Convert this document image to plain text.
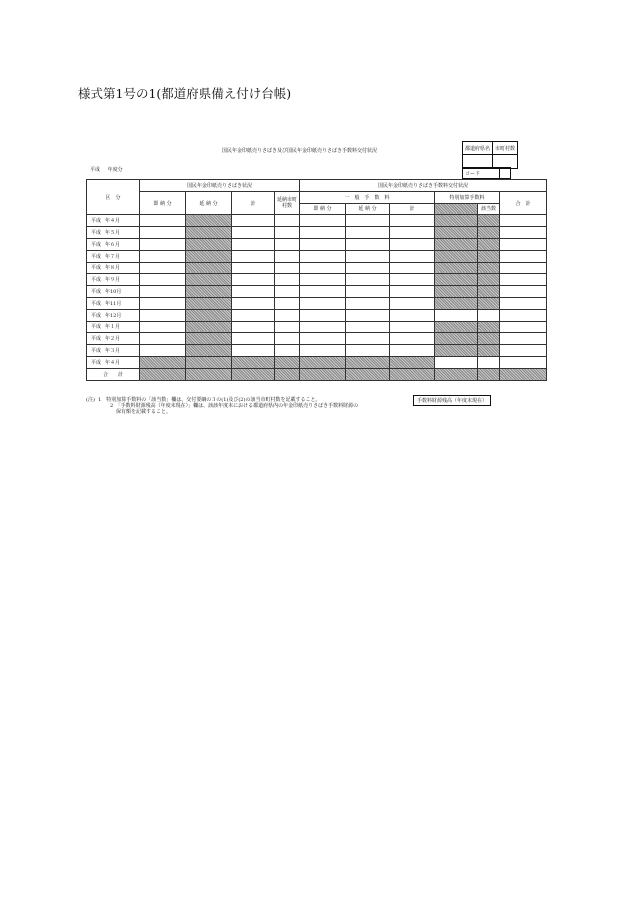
様式第1号の1(都道府県備え付け台帳)
国民年金印紙売りさばき及び国民年金印紙売りさばき手数料交付状況	都道府県名	市町村数

コード	
平成 年度分
区　分	国民年金印紙売りさばき状況				国民年金印紙売りさばき手数料交付状況					
	即 納 分	延 納 分	計	延納市町村数	一　般　手　数　料			特別加算手数料		合　計
					即 納 分	延 納 分	計		該当数	
平成 年４月										
平成 年５月										
平成 年６月										
平成 年７月										
平成 年８月										
平成 年９月										
平成 年10月										
平成 年11月										
平成 年12月										
平成 年１月										
平成 年２月										
平成 年３月										
平成 年４月										
合　　計										
(注) 1　特別加算手数料の「該当数」欄は、交付要綱の３の(1)及び(2)の該当市町村数を記載すること。
2　「手数料財源残高（年度末現在）」欄は、該該年度末における都道府県内の年金印紙売りさばき手数料財源の
保有額を記載すること。
手数料財源残高（年度末現在）
